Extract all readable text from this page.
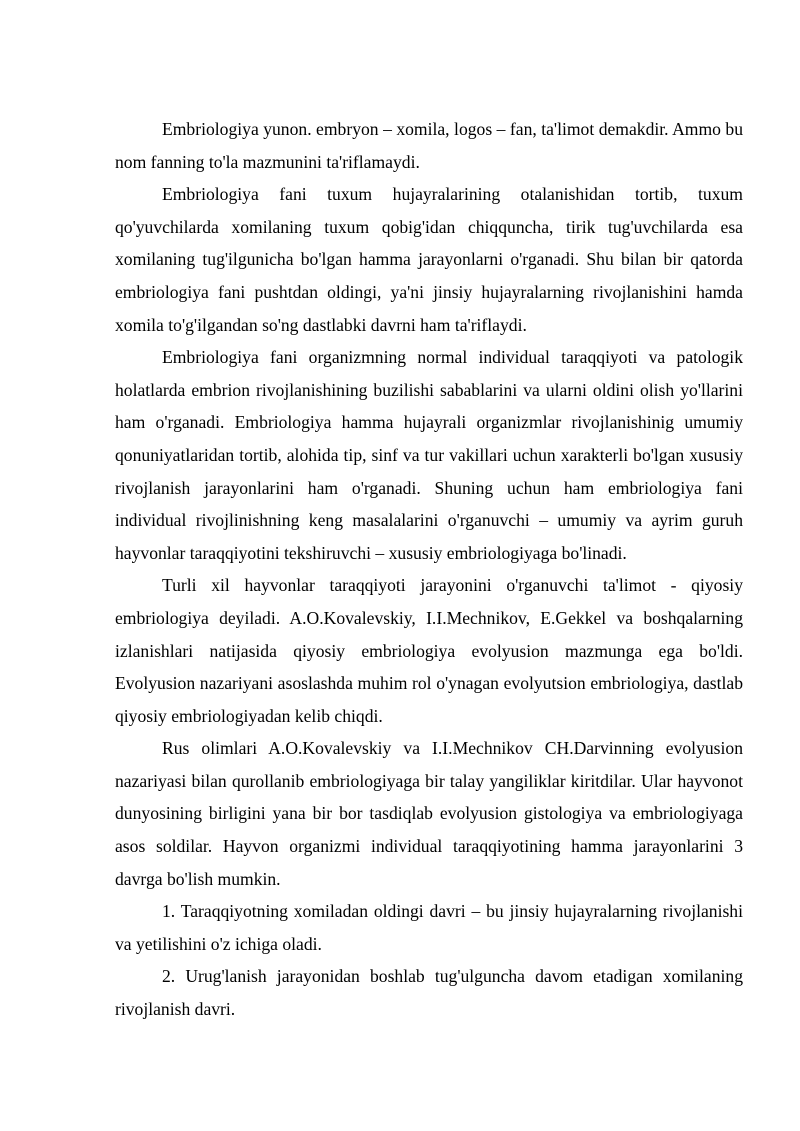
Embriologiya yunon. embryon – xomila, logos – fan, ta'limot demakdir. Ammo bu nom fanning to'la mazmunini ta'riflamaydi.

Embriologiya fani tuxum hujayralarining otalanishidan tortib, tuxum qo'yuvchilarda xomilaning tuxum qobig'idan chiqquncha, tirik tug'uvchilarda esa xomilaning tug'ilgunicha bo'lgan hamma jarayonlarni o'rganadi. Shu bilan bir qatorda embriologiya fani pushtdan oldingi, ya'ni jinsiy hujayralarning rivojlanishini hamda xomila to'g'ilgandan so'ng dastlabki davrni ham ta'riflaydi.

Embriologiya fani organizmning normal individual taraqqiyoti va patologik holatlarda embrion rivojlanishining buzilishi sabablarini va ularni oldini olish yo'llarini ham o'rganadi. Embriologiya hamma hujayrali organizmlar rivojlanishinig umumiy qonuniyatlaridan tortib, alohida tip, sinf va tur vakillari uchun xarakterli bo'lgan xususiy rivojlanish jarayonlarini ham o'rganadi. Shuning uchun ham embriologiya fani individual rivojlinishning keng masalalarini o'rganuvchi – umumiy va ayrim guruh hayvonlar taraqqiyotini tekshiruvchi – xususiy embriologiyaga bo'linadi.

Turli xil hayvonlar taraqqiyoti jarayonini o'rganuvchi ta'limot - qiyosiy embriologiya deyiladi. A.O.Kovalevskiy, I.I.Mechnikov, E.Gekkel va boshqalarning izlanishlari natijasida qiyosiy embriologiya evolyusion mazmunga ega bo'ldi. Evolyusion nazariyani asoslashda muhim rol o'ynagan evolyutsion embriologiya, dastlab qiyosiy embriologiyadan kelib chiqdi.

Rus olimlari A.O.Kovalevskiy va I.I.Mechnikov CH.Darvinning evolyusion nazariyasi bilan qurollanib embriologiyaga bir talay yangiliklar kiritdilar. Ular hayvonot dunyosining birligini yana bir bor tasdiqlab evolyusion gistologiya va embriologiyaga asos soldilar. Hayvon organizmi individual taraqqiyotining hamma jarayonlarini 3 davrga bo'lish mumkin.

1. Taraqqiyotning xomiladan oldingi davri – bu jinsiy hujayralarning rivojlanishi va yetilishini o'z ichiga oladi.

2. Urug'lanish jarayonidan boshlab tug'ulguncha davom etadigan xomilaning rivojlanish davri.
